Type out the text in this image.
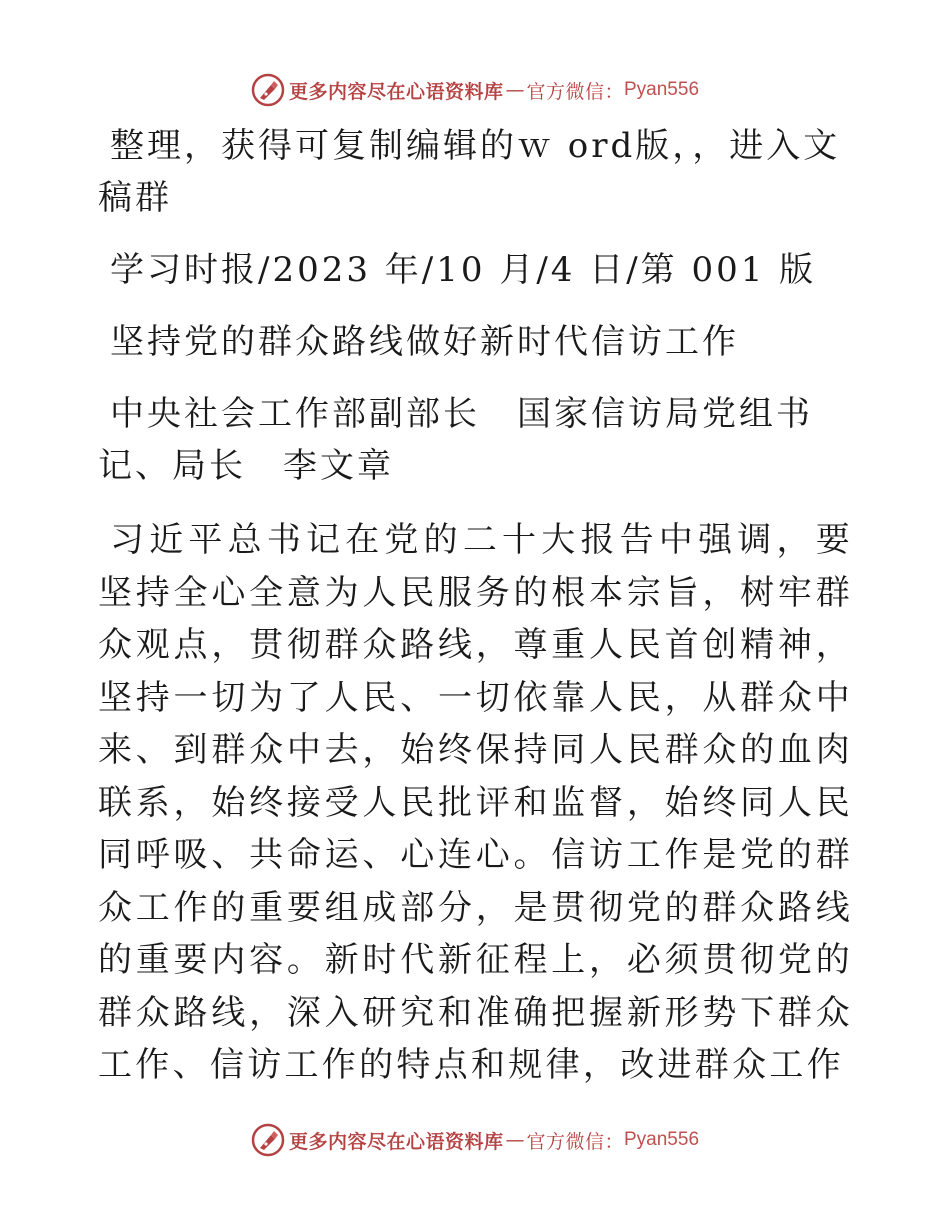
更多内容尽在心语资料库 — 官方微信： Pyan556

整理，获得可复制编辑的ｗ ord版，，进入文稿群

学习时报/2023 年/10 月/4 日/第 001 版

坚持党的群众路线做好新时代信访工作

中央社会工作部副部长　国家信访局党组书记、局长　李文章

习近平总书记在党的二十大报告中强调，要坚持全心全意为人民服务的根本宗旨，树牢群众观点，贯彻群众路线，尊重人民首创精神，坚持一切为了人民、一切依靠人民，从群众中来、到群众中去，始终保持同人民群众的血肉联系，始终接受人民批评和监督，始终同人民同呼吸、共命运、心连心。信访工作是党的群众工作的重要组成部分，是贯彻党的群众路线的重要内容。新时代新征程上，必须贯彻党的群众路线，深入研究和准确把握新形势下群众工作、信访工作的特点和规律，改进群众工作

更多内容尽在心语资料库 — 官方微信： Pyan556
